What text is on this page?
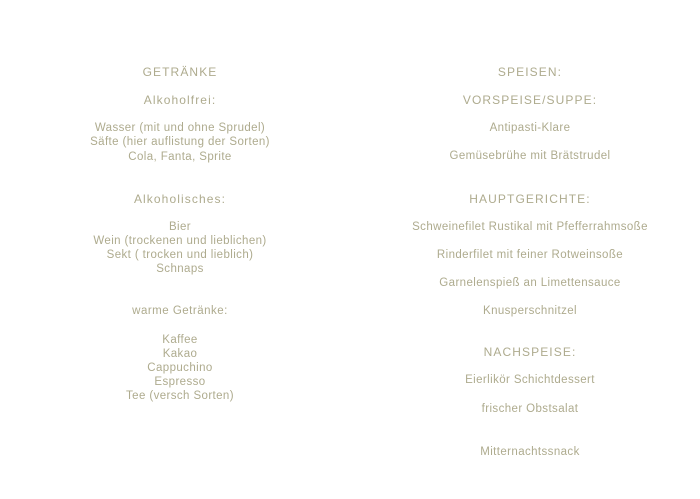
GETRÄNKE
Alkoholfrei:
Wasser (mit und ohne Sprudel)
Säfte (hier auflistung der Sorten)
Cola, Fanta, Sprite
Alkoholisches:
Bier
Wein (trockenen und lieblichen)
Sekt ( trocken und lieblich)
Schnaps
warme Getränke:
Kaffee
Kakao
Cappuchino
Espresso
Tee (versch Sorten)
SPEISEN:
VORSPEISE/SUPPE:
Antipasti-Klare
Gemüsebrühe mit Brätstrudel
HAUPTGERICHTE:
Schweinefilet Rustikal mit Pfefferrahmsoße
Rinderfilet mit feiner Rotweinsoße
Garnelenspieß an Limettensauce
Knusperschnitzel
NACHSPEISE:
Eierlikör Schichtdessert
frischer Obstsalat
Mitternachtssnack
